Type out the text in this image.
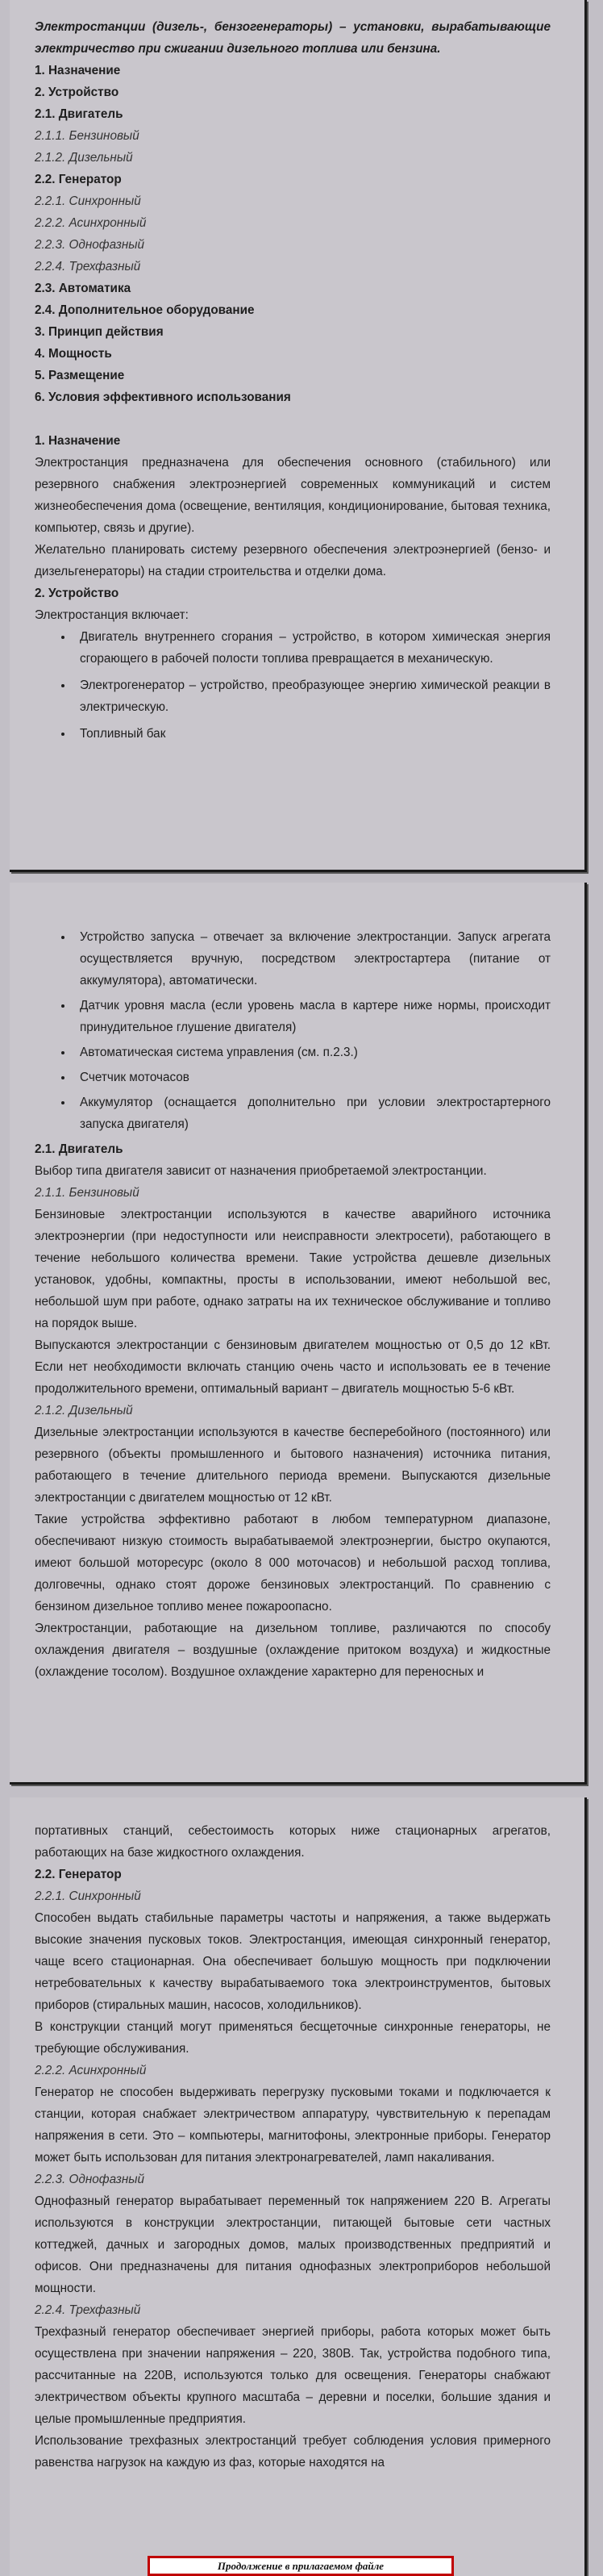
Электростанции (дизель-, бензогенераторы) – установки, вырабатывающие электричество при сжигании дизельного топлива или бензина.

1. Назначение

2. Устройство

2.1. Двигатель

2.1.1. Бензиновый

2.1.2. Дизельный

2.2. Генератор

2.2.1. Синхронный

2.2.2. Асинхронный

2.2.3. Однофазный

2.2.4. Трехфазный

2.3. Автоматика

2.4. Дополнительное оборудование

3. Принцип действия

4. Мощность

5. Размещение

6. Условия эффективного использования

1. Назначение

Электростанция предназначена для обеспечения основного (стабильного) или резервного снабжения электроэнергией современных коммуникаций и систем жизнеобеспечения дома (освещение, вентиляция, кондиционирование, бытовая техника, компьютер, связь и другие).

Желательно планировать систему резервного обеспечения электроэнергией (бензо- и дизельгенераторы) на стадии строительства и отделки дома.

2. Устройство

Электростанция включает:

• Двигатель внутреннего сгорания – устройство, в котором химическая энергия сгорающего в рабочей полости топлива превращается в механическую.
• Электрогенератор – устройство, преобразующее энергию химической реакции в электрическую.
• Топливный бак
• Устройство запуска – отвечает за включение электростанции. Запуск агрегата осуществляется вручную, посредством электростартера (питание от аккумулятора), автоматически.
• Датчик уровня масла (если уровень масла в картере ниже нормы, происходит принудительное глушение двигателя)
• Автоматическая система управления (см. п.2.3.)
• Счетчик моточасов
• Аккумулятор (оснащается дополнительно при условии электростартерного запуска двигателя)

2.1. Двигатель

Выбор типа двигателя зависит от назначения приобретаемой электростанции.

2.1.1. Бензиновый

Бензиновые электростанции используются в качестве аварийного источника электроэнергии (при недоступности или неисправности электросети), работающего в течение небольшого количества времени. Такие устройства дешевле дизельных установок, удобны, компактны, просты в использовании, имеют небольшой вес, небольшой шум при работе, однако затраты на их техническое обслуживание и топливо на порядок выше.

Выпускаются электростанции с бензиновым двигателем мощностью от 0,5 до 12 кВт. Если нет необходимости включать станцию очень часто и использовать ее в течение продолжительного времени, оптимальный вариант – двигатель мощностью 5-6 кВт.

2.1.2. Дизельный

Дизельные электростанции используются в качестве бесперебойного (постоянного) или резервного (объекты промышленного и бытового назначения) источника питания, работающего в течение длительного периода времени. Выпускаются дизельные электростанции с двигателем мощностью от 12 кВт.

Такие устройства эффективно работают в любом температурном диапазоне, обеспечивают низкую стоимость вырабатываемой электроэнергии, быстро окупаются, имеют большой моторесурс (около 8 000 моточасов) и небольшой расход топлива, долговечны, однако стоят дороже бензиновых электростанций. По сравнению с бензином дизельное топливо менее пожароопасно.

Электростанции, работающие на дизельном топливе, различаются по способу охлаждения двигателя – воздушные (охлаждение притоком воздуха) и жидкостные (охлаждение тосолом). Воздушное охлаждение характерно для переносных и

портативных станций, себестоимость которых ниже стационарных агрегатов, работающих на базе жидкостного охлаждения.

2.2. Генератор

2.2.1. Синхронный

Способен выдать стабильные параметры частоты и напряжения, а также выдержать высокие значения пусковых токов. Электростанция, имеющая синхронный генератор, чаще всего стационарная. Она обеспечивает большую мощность при подключении нетребовательных к качеству вырабатываемого тока электроинструментов, бытовых приборов (стиральных машин, насосов, холодильников).

В конструкции станций могут применяться бесщеточные синхронные генераторы, не требующие обслуживания.

2.2.2. Асинхронный

Генератор не способен выдерживать перегрузку пусковыми токами и подключается к станции, которая снабжает электричеством аппаратуру, чувствительную к перепадам напряжения в сети. Это – компьютеры, магнитофоны, электронные приборы. Генератор может быть использован для питания электронагревателей, ламп накаливания.

2.2.3. Однофазный

Однофазный генератор вырабатывает переменный ток напряжением 220 В. Агрегаты используются в конструкции электростанции, питающей бытовые сети частных коттеджей, дачных и загородных домов, малых производственных предприятий и офисов. Они предназначены для питания однофазных электроприборов небольшой мощности.

2.2.4. Трехфазный

Трехфазный генератор обеспечивает энергией приборы, работа которых может быть осуществлена при значении напряжения – 220, 380В. Так, устройства подобного типа, рассчитанные на 220В, используются только для освещения. Генераторы снабжают электричеством объекты крупного масштаба – деревни и поселки, большие здания и целые промышленные предприятия.

Использование трехфазных электростанций требует соблюдения условия примерного равенства нагрузок на каждую из фаз, которые находятся на

Продолжение в прилагаемом файле
